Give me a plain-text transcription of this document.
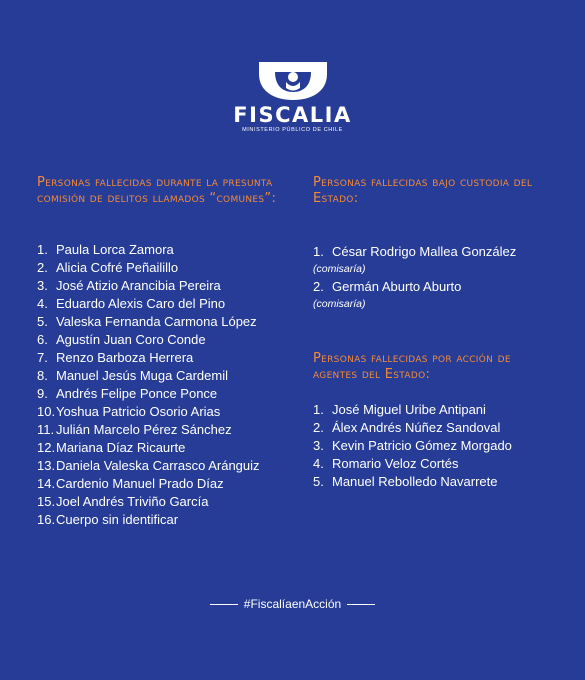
FISCALIA
MINISTERIO PÚBLICO DE CHILE
Personas fallecidas durante la presunta comisión de delitos llamados “comunes”:
1. Paula Lorca Zamora
2. Alicia Cofré Peñailillo
3. José Atizio Arancibia Pereira
4. Eduardo Alexis Caro del Pino
5. Valeska Fernanda Carmona López
6. Agustín Juan Coro Conde
7. Renzo Barboza Herrera
8. Manuel Jesús Muga Cardemil
9. Andrés Felipe Ponce Ponce
10.Yoshua Patricio Osorio Arias
11. Julián Marcelo Pérez Sánchez
12.Mariana Díaz Ricaurte
13.Daniela Valeska Carrasco Aránguiz
14.Cardenio Manuel Prado Díaz
15.Joel Andrés Triviño García
16.Cuerpo sin identificar
Personas fallecidas bajo custodia del Estado:
1. César Rodrigo Mallea González
(comisaría)
2. Germán Aburto Aburto
(comisaría)
Personas fallecidas por acción de agentes del Estado:
1. José Miguel Uribe Antipani
2. Álex Andrés Núñez Sandoval
3. Kevin Patricio Gómez Morgado
4. Romario Veloz Cortés
5. Manuel Rebolledo Navarrete
#FiscalíaenAcción
